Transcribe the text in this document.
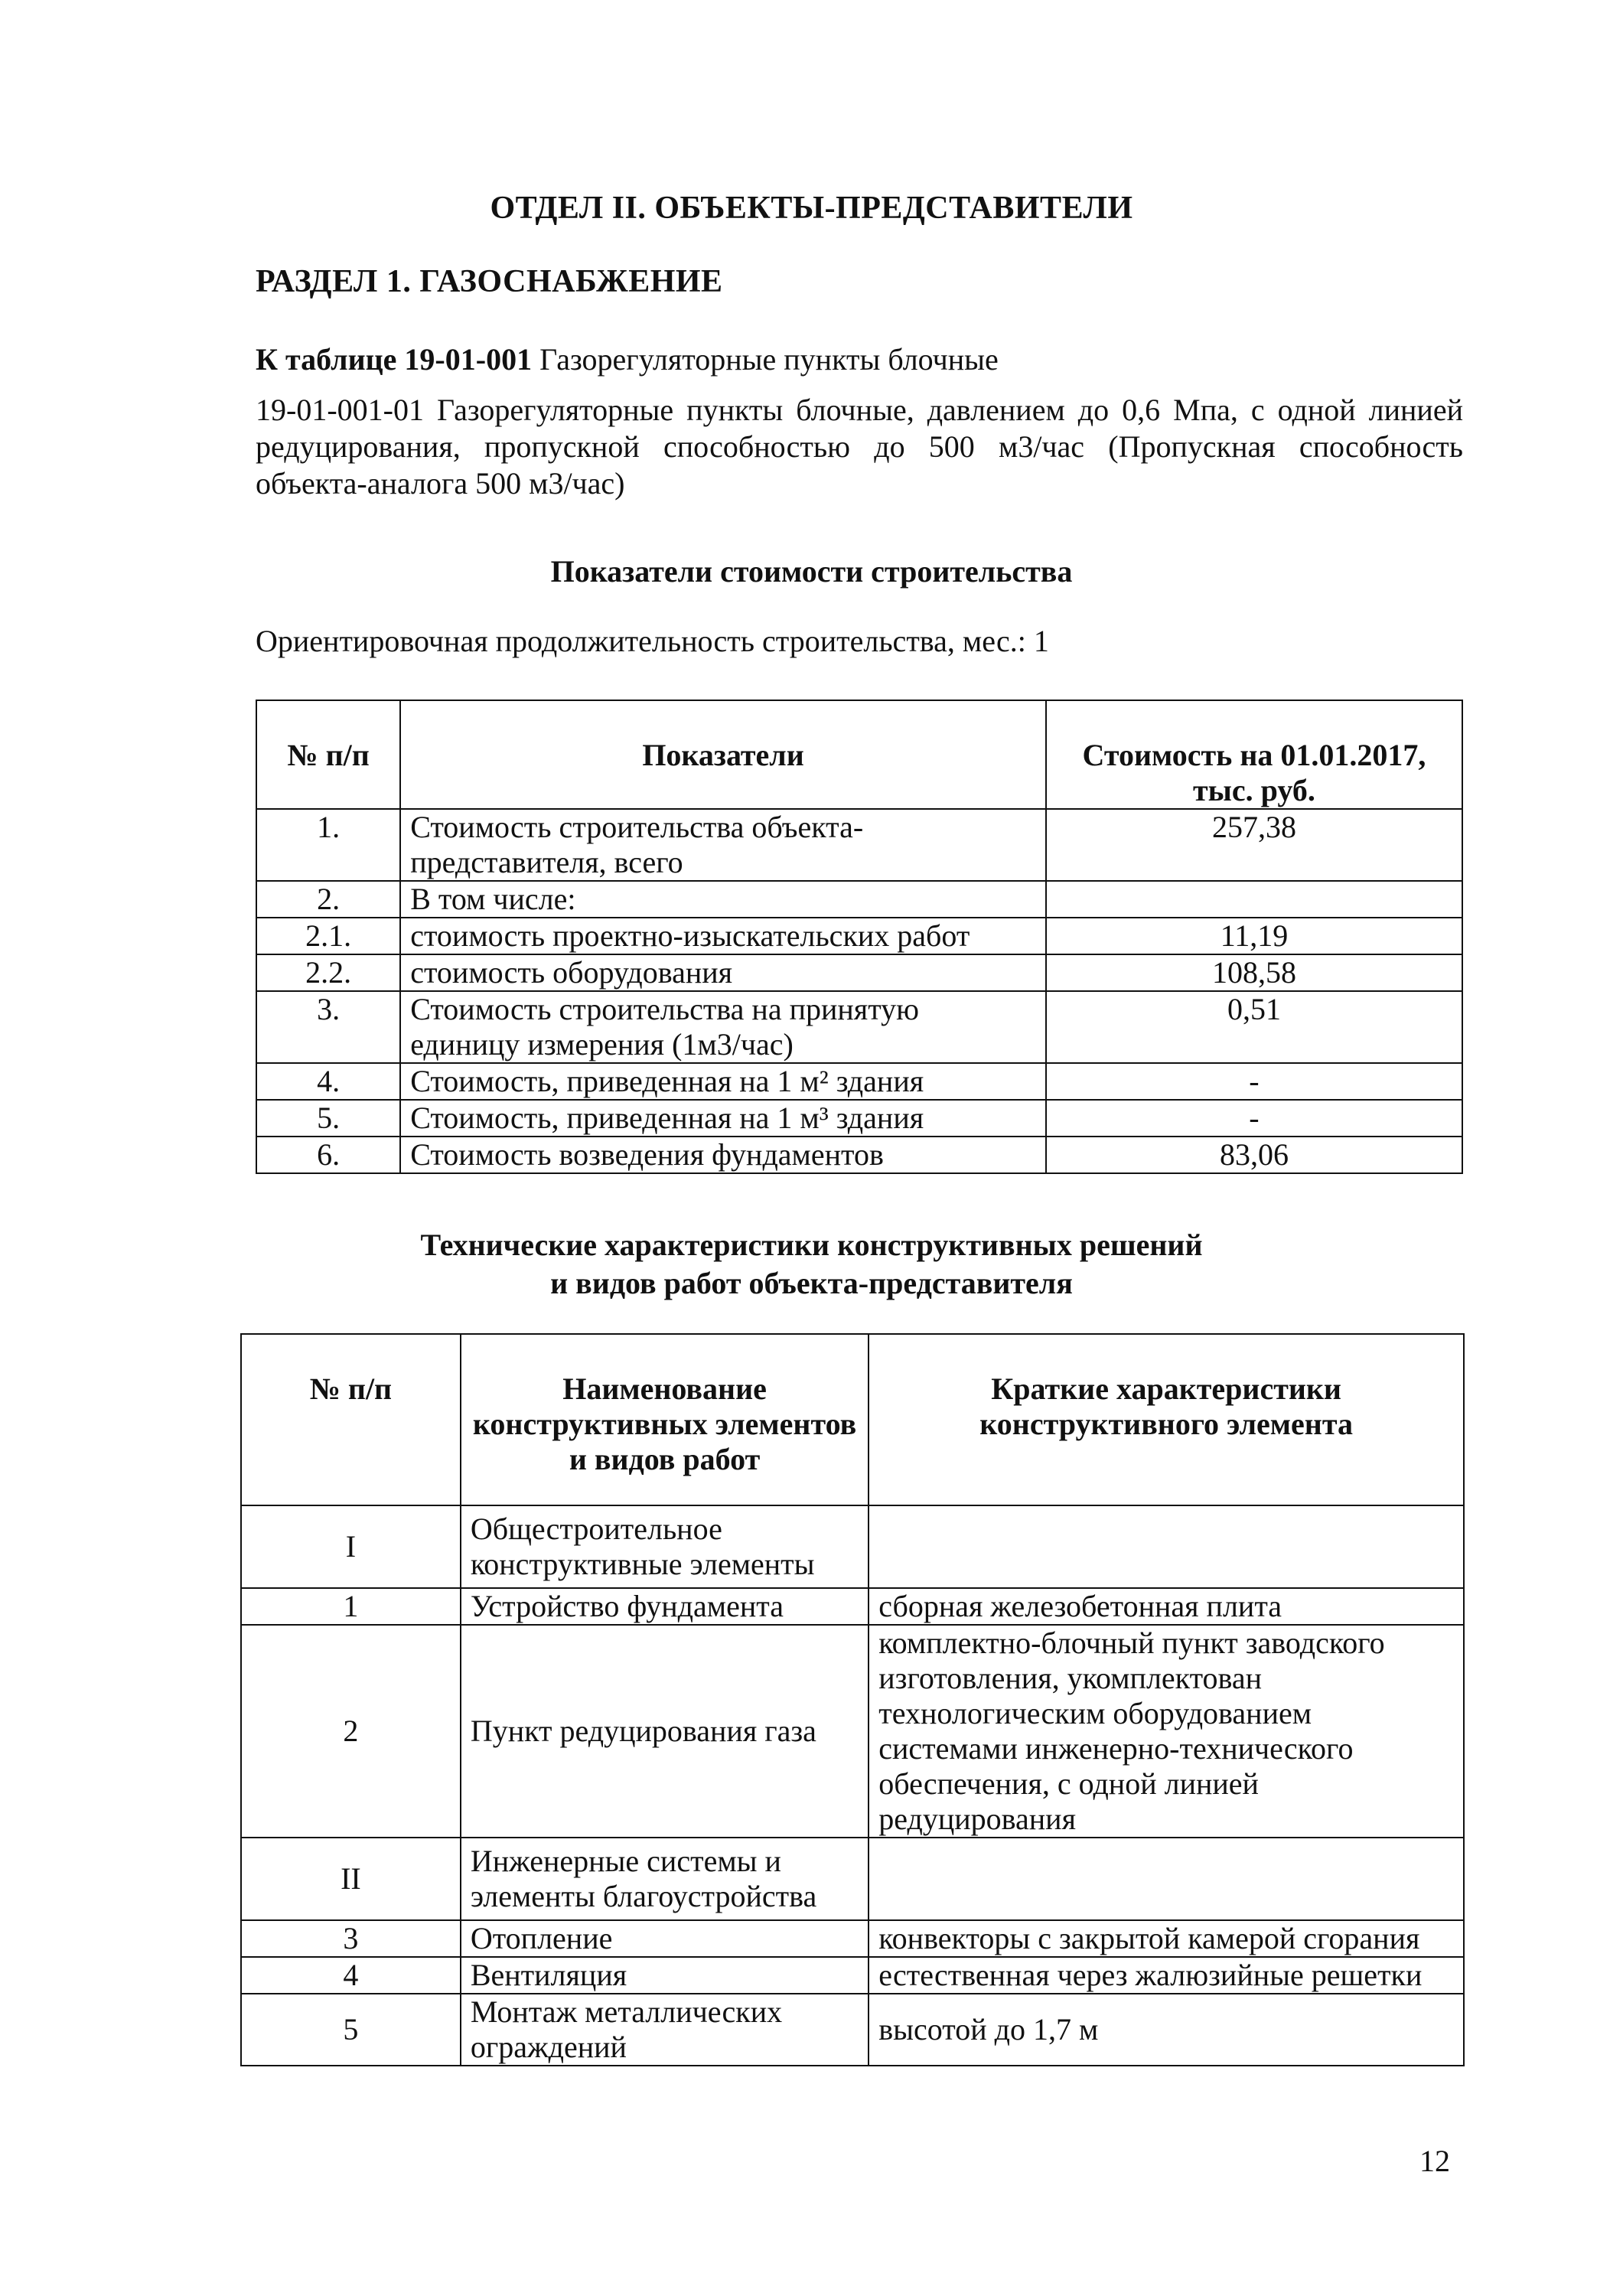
ОТДЕЛ II. ОБЪЕКТЫ-ПРЕДСТАВИТЕЛИ
РАЗДЕЛ 1. ГАЗОСНАБЖЕНИЕ
К таблице 19-01-001 Газорегуляторные пункты блочные
19-01-001-01 Газорегуляторные пункты блочные, давлением до 0,6 Мпа, с одной линией редуцирования, пропускной способностью до 500 м3/час (Пропускная способность объекта-аналога 500 м3/час)
Показатели стоимости строительства
Ориентировочная продолжительность строительства, мес.: 1
№ п/п	Показатели	Стоимость на 01.01.2017, тыс. руб.
1.	Стоимость строительства объекта-представителя, всего	257,38
2.	В том числе:	
2.1.	стоимость проектно-изыскательских работ	11,19
2.2.	стоимость оборудования	108,58
3.	Стоимость строительства на принятую единицу измерения (1м3/час)	0,51
4.	Стоимость, приведенная на 1 м² здания	-
5.	Стоимость, приведенная на 1 м³ здания	-
6.	Стоимость возведения фундаментов	83,06
Технические характеристики конструктивных решений
и видов работ объекта-представителя
№ п/п	Наименование конструктивных элементов и видов работ	Краткие характеристики конструктивного элемента
I	Общестроительное конструктивные элементы	
1	Устройство фундамента	сборная железобетонная плита
2	Пункт редуцирования газа	комплектно-блочный пункт заводского изготовления, укомплектован технологическим оборудованием системами инженерно-технического обеспечения, с одной линией редуцирования
II	Инженерные системы и элементы благоустройства	
3	Отопление	конвекторы с закрытой камерой сгорания
4	Вентиляция	естественная через жалюзийные решетки
5	Монтаж металлических ограждений	высотой до 1,7 м
12
